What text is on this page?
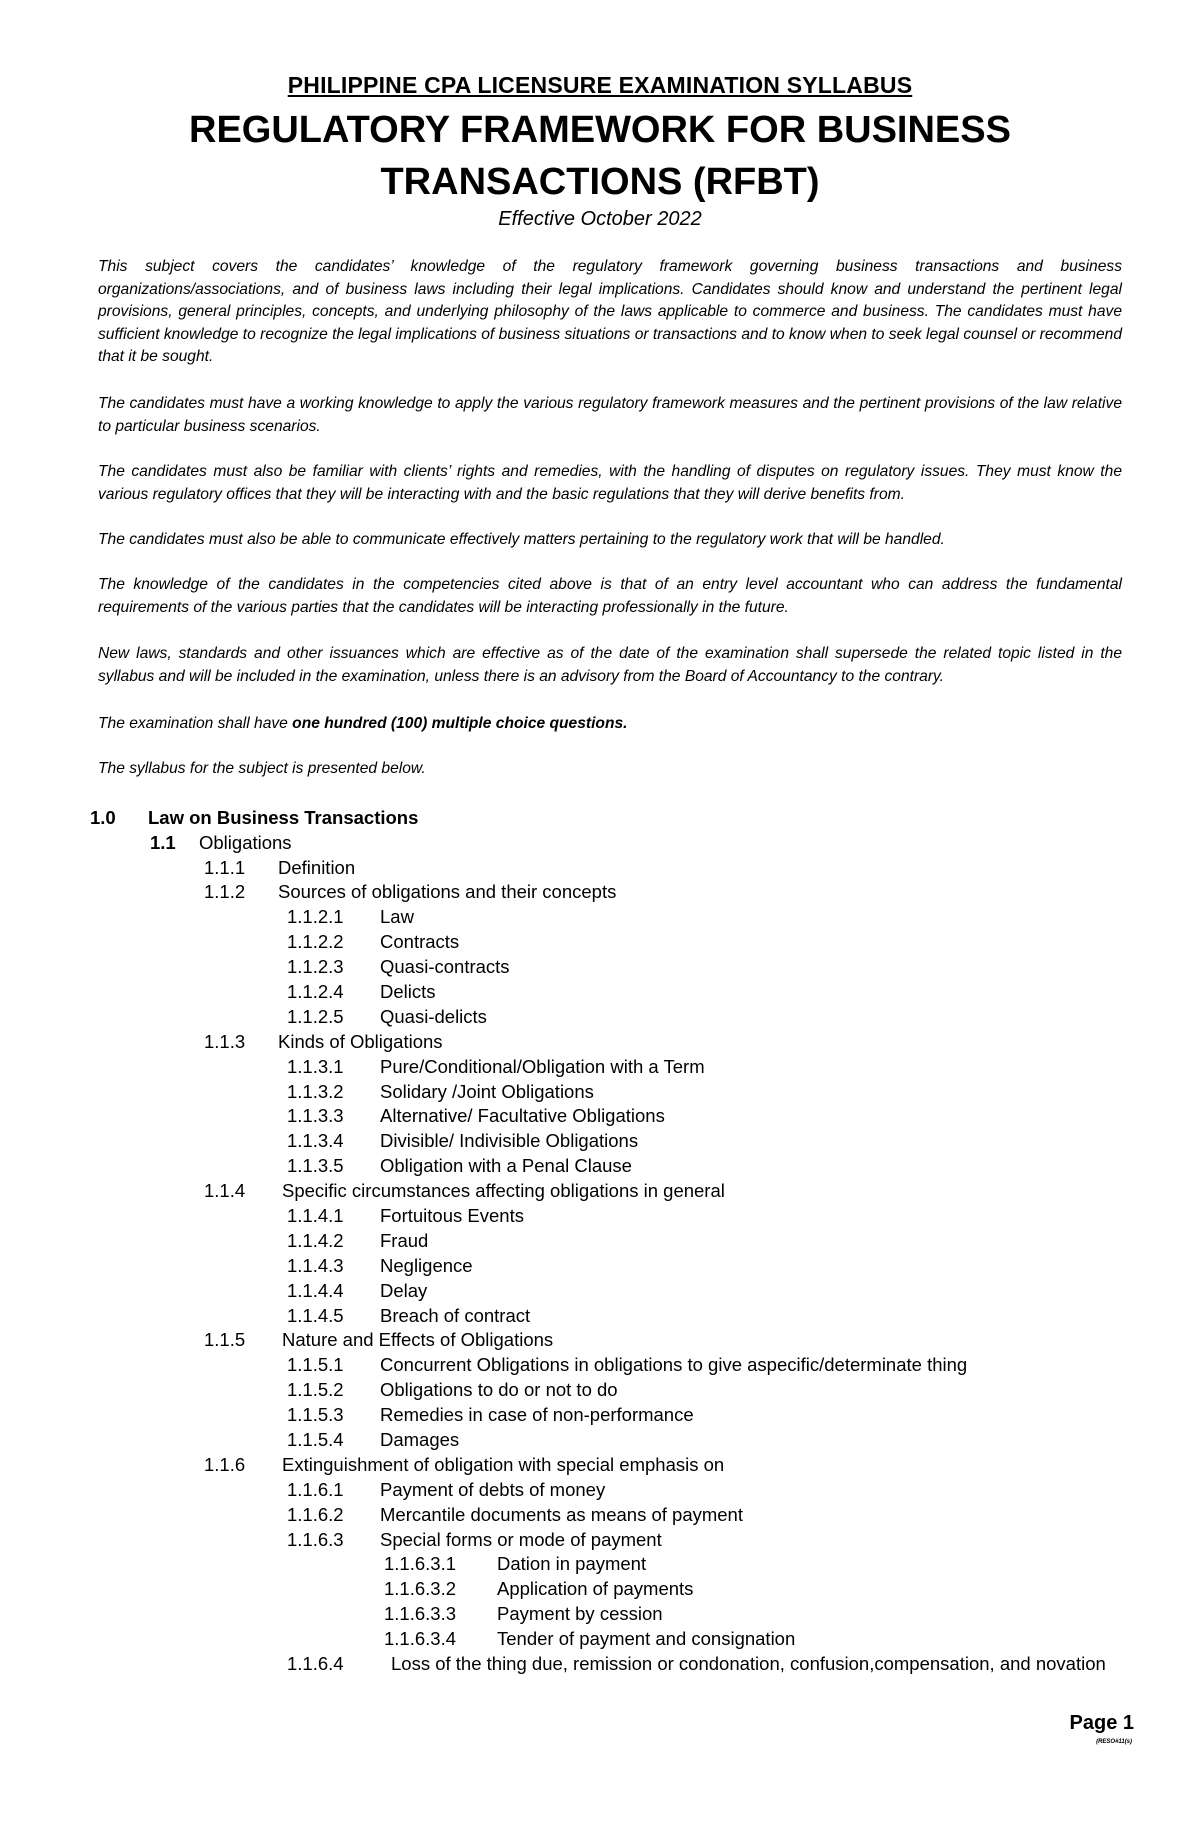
PHILIPPINE CPA LICENSURE EXAMINATION SYLLABUS
REGULATORY FRAMEWORK FOR BUSINESS TRANSACTIONS (RFBT)
Effective October 2022

This subject covers the candidates’ knowledge of the regulatory framework governing business transactions and business organizations/associations, and of business laws including their legal implications. Candidates should know and understand the pertinent legal provisions, general principles, concepts, and underlying philosophy of the laws applicable to commerce and business. The candidates must have sufficient knowledge to recognize the legal implications of business situations or transactions and to know when to seek legal counsel or recommend that it be sought.

The candidates must have a working knowledge to apply the various regulatory framework measures and the pertinent provisions of the law relative to particular business scenarios.

The candidates must also be familiar with clients’ rights and remedies, with the handling of disputes on regulatory issues. They must know the various regulatory offices that they will be interacting with and the basic regulations that they will derive benefits from.

The candidates must also be able to communicate effectively matters pertaining to the regulatory work that will be handled.

The knowledge of the candidates in the competencies cited above is that of an entry level accountant who can address the fundamental requirements of the various parties that the candidates will be interacting professionally in the future.

New laws, standards and other issuances which are effective as of the date of the examination shall supersede the related topic listed in the syllabus and will be included in the examination, unless there is an advisory from the Board of Accountancy to the contrary.

The examination shall have one hundred (100) multiple choice questions.

The syllabus for the subject is presented below.

1.0 Law on Business Transactions
1.1 Obligations
1.1.1 Definition
1.1.2 Sources of obligations and their concepts
1.1.2.1 Law
1.1.2.2 Contracts
1.1.2.3 Quasi-contracts
1.1.2.4 Delicts
1.1.2.5 Quasi-delicts
1.1.3 Kinds of Obligations
1.1.3.1 Pure/Conditional/Obligation with a Term
1.1.3.2 Solidary /Joint Obligations
1.1.3.3 Alternative/ Facultative Obligations
1.1.3.4 Divisible/ Indivisible Obligations
1.1.3.5 Obligation with a Penal Clause
1.1.4 Specific circumstances affecting obligations in general
1.1.4.1 Fortuitous Events
1.1.4.2 Fraud
1.1.4.3 Negligence
1.1.4.4 Delay
1.1.4.5 Breach of contract
1.1.5 Nature and Effects of Obligations
1.1.5.1 Concurrent Obligations in obligations to give aspecific/determinate thing
1.1.5.2 Obligations to do or not to do
1.1.5.3 Remedies in case of non-performance
1.1.5.4 Damages
1.1.6 Extinguishment of obligation with special emphasis on
1.1.6.1 Payment of debts of money
1.1.6.2 Mercantile documents as means of payment
1.1.6.3 Special forms or mode of payment
1.1.6.3.1 Dation in payment
1.1.6.3.2 Application of payments
1.1.6.3.3 Payment by cession
1.1.6.3.4 Tender of payment and consignation
1.1.6.4	Loss of the thing due, remission or condonation, confusion,compensation, and novation
Page 1
(RESO#11(s)
